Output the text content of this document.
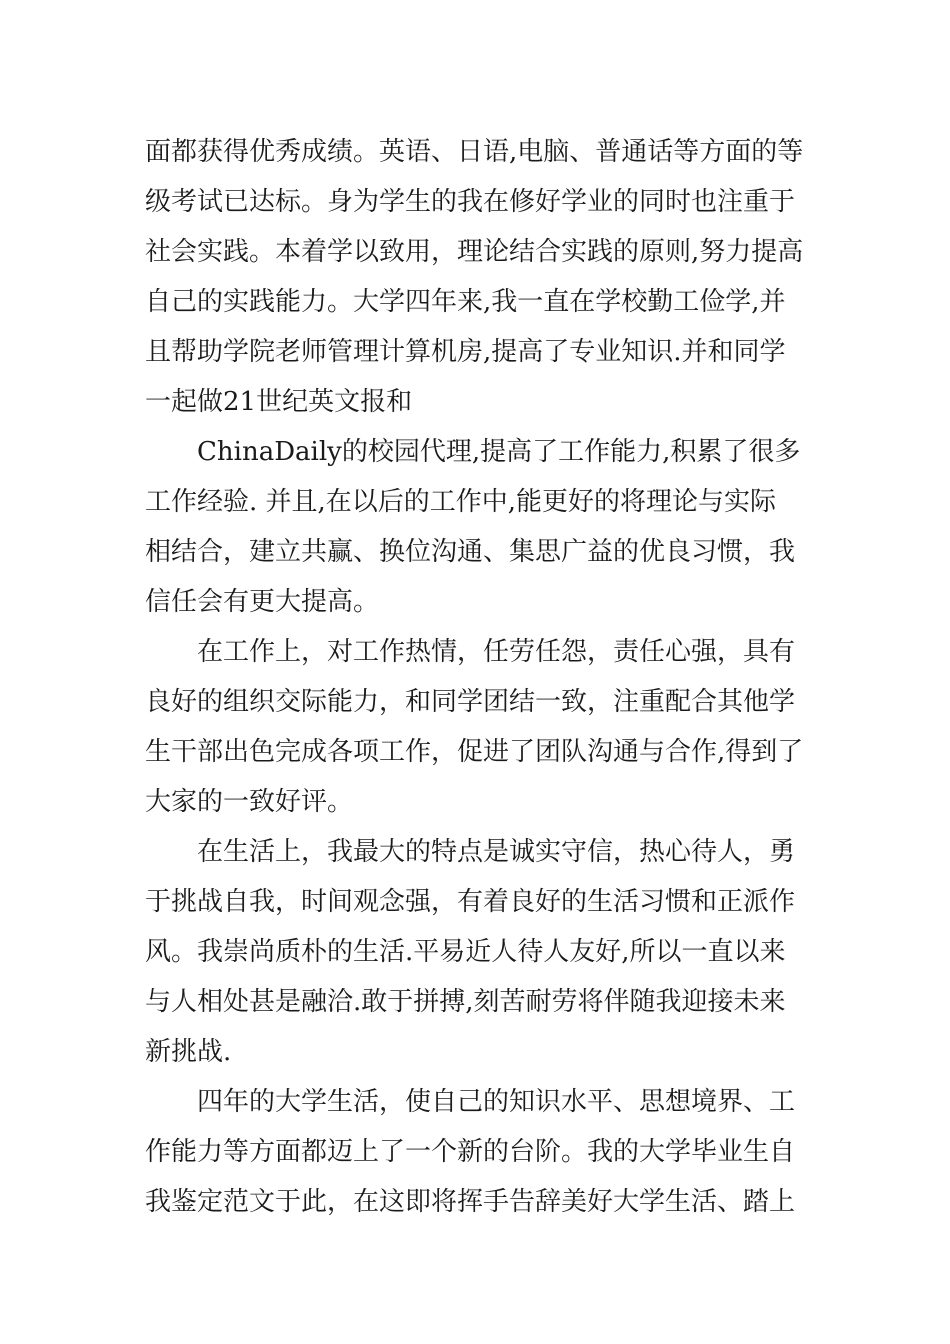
面都获得优秀成绩。英语、日语,电脑、普通话等方面的等
级考试已达标。身为学生的我在修好学业的同时也注重于
社会实践。本着学以致用，理论结合实践的原则,努力提高
自己的实践能力。大学四年来,我一直在学校勤工俭学,并
且帮助学院老师管理计算机房,提高了专业知识.并和同学
一起做21世纪英文报和
ChinaDaily的校园代理,提高了工作能力,积累了很多
工作经验. 并且,在以后的工作中,能更好的将理论与实际
相结合，建立共赢、换位沟通、集思广益的优良习惯，我
信任会有更大提高。
在工作上，对工作热情，任劳任怨，责任心强，具有
良好的组织交际能力，和同学团结一致，注重配合其他学
生干部出色完成各项工作，促进了团队沟通与合作,得到了
大家的一致好评。
在生活上，我最大的特点是诚实守信，热心待人，勇
于挑战自我，时间观念强，有着良好的生活习惯和正派作
风。我崇尚质朴的生活.平易近人待人友好,所以一直以来
与人相处甚是融洽.敢于拼搏,刻苦耐劳将伴随我迎接未来
新挑战.
四年的大学生活，使自己的知识水平、思想境界、工
作能力等方面都迈上了一个新的台阶。我的大学毕业生自
我鉴定范文于此，在这即将挥手告辞美好大学生活、踏上
